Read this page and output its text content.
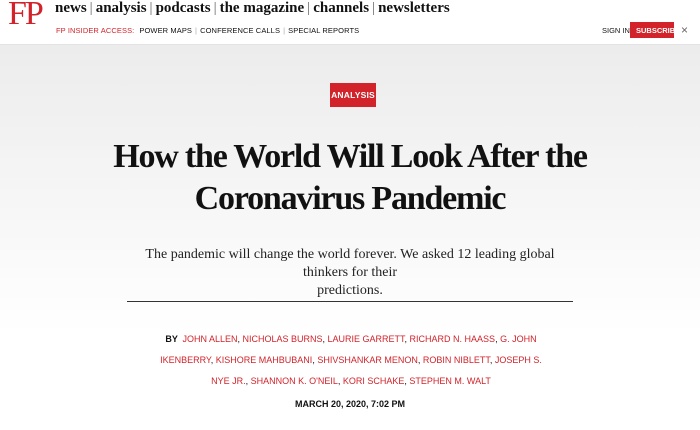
FP news | analysis | podcasts | the magazine | channels | newsletters
FP INSIDER ACCESS: POWER MAPS | CONFERENCE CALLS | SPECIAL REPORTS	SIGN IN SUBSCRIBE ×
ANALYSIS
How the World Will Look After the
Coronavirus Pandemic

The pandemic will change the world forever. We asked 12 leading global thinkers for their
predictions.

BY JOHN ALLEN, NICHOLAS BURNS, LAURIE GARRETT, RICHARD N. HAASS, G. JOHN IKENBERRY, KISHORE MAHBUBANI, SHIVSHANKAR MENON, ROBIN NIBLETT, JOSEPH S. NYE JR., SHANNON K. O'NEIL, KORI SCHAKE, STEPHEN M. WALT

MARCH 20, 2020, 7:02 PM
